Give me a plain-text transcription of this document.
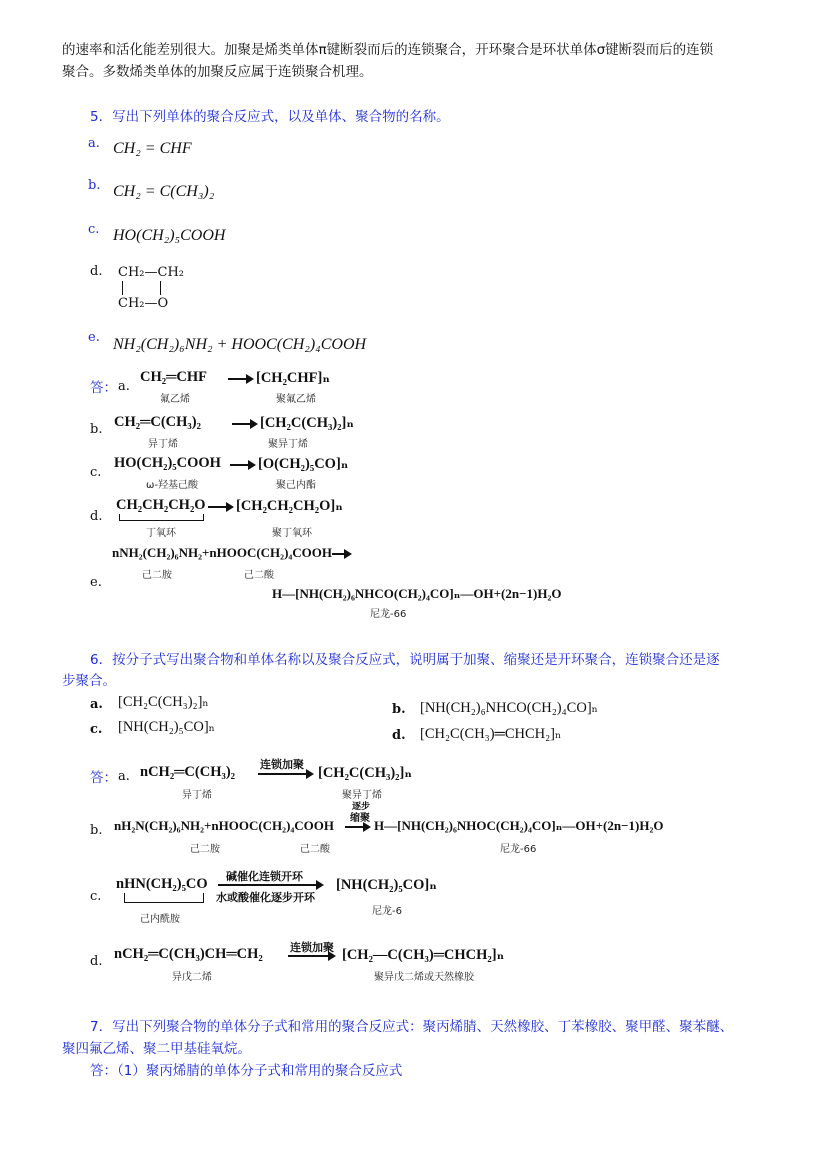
的速率和活化能差别很大。加聚是烯类单体π键断裂而后的连锁聚合，开环聚合是环状单体σ键断裂而后的连锁
聚合。多数烯类单体的加聚反应属于连锁聚合机理。
5．写出下列单体的聚合反应式，以及单体、聚合物的名称。
a. CH₂ = CHF
b. CH₂ = C(CH₃)₂
c. HO(CH₂)₅COOH
d. CH₂—CH₂
CH₂—O
e. NH₂(CH₂)₆NH₂ + HOOC(CH₂)₄COOH
答： a.
CH₂═CHF	[CH₂CHF]ₙ
氟乙烯	聚氟乙烯
b. CH₂═C(CH₃)₂	[CH₂C(CH₃)₂]ₙ
异丁烯	聚异丁烯
c.
HO(CH₂)₅COOH	[O(CH₂)₅CO]ₙ
ω-羟基己酸	聚己内酯
d.
CH₂CH₂CH₂O [CH₂CH₂CH₂O]ₙ
丁氧环	聚丁氧环
nNH₂(CH₂)₆NH₂+nHOOC(CH₂)₄COOH
己二胺	己二酸
e.
H—[NH(CH₂)₆NHCO(CH₂)₄CO]ₙ—OH+(2n−1)H₂O
尼龙-66
6．按分子式写出聚合物和单体名称以及聚合反应式，说明属于加聚、缩聚还是开环聚合，连锁聚合还是逐
步聚合。
a. [CH₂C(CH₃)₂]ₙ	b. [NH(CH₂)₆NHCO(CH₂)₄CO]ₙ
c. [NH(CH₂)₅CO]ₙ
d. [CH₂C(CH₃)═CHCH₂]ₙ
答： a. nCH₂═C(CH₃)₂ 连锁加聚
[CH₂C(CH₃)₂]ₙ
异丁烯	聚异丁烯
逐步
缩聚
b. nH₂N(CH₂)₆NH₂+nHOOC(CH₂)₄COOH	H—[NH(CH₂)₆NHOC(CH₂)₄CO]ₙ—OH+(2n−1)H₂O
己二胺	己二酸	尼龙-66
c.
nHN(CH₂)₅CO 碱催化连锁开环
水或酸催化逐步开环
[NH(CH₂)₅CO]ₙ
己内酰胺
尼龙-6
d. nCH₂═C(CH₃)CH═CH₂ 连锁加聚 [CH₂—C(CH₃)═CHCH₂]ₙ
异戊二烯	聚异戊二烯或天然橡胶
7．写出下列聚合物的单体分子式和常用的聚合反应式：聚丙烯腈、天然橡胶、丁苯橡胶、聚甲醛、聚苯醚、
聚四氟乙烯、聚二甲基硅氧烷。
答：（1）聚丙烯腈的单体分子式和常用的聚合反应式
